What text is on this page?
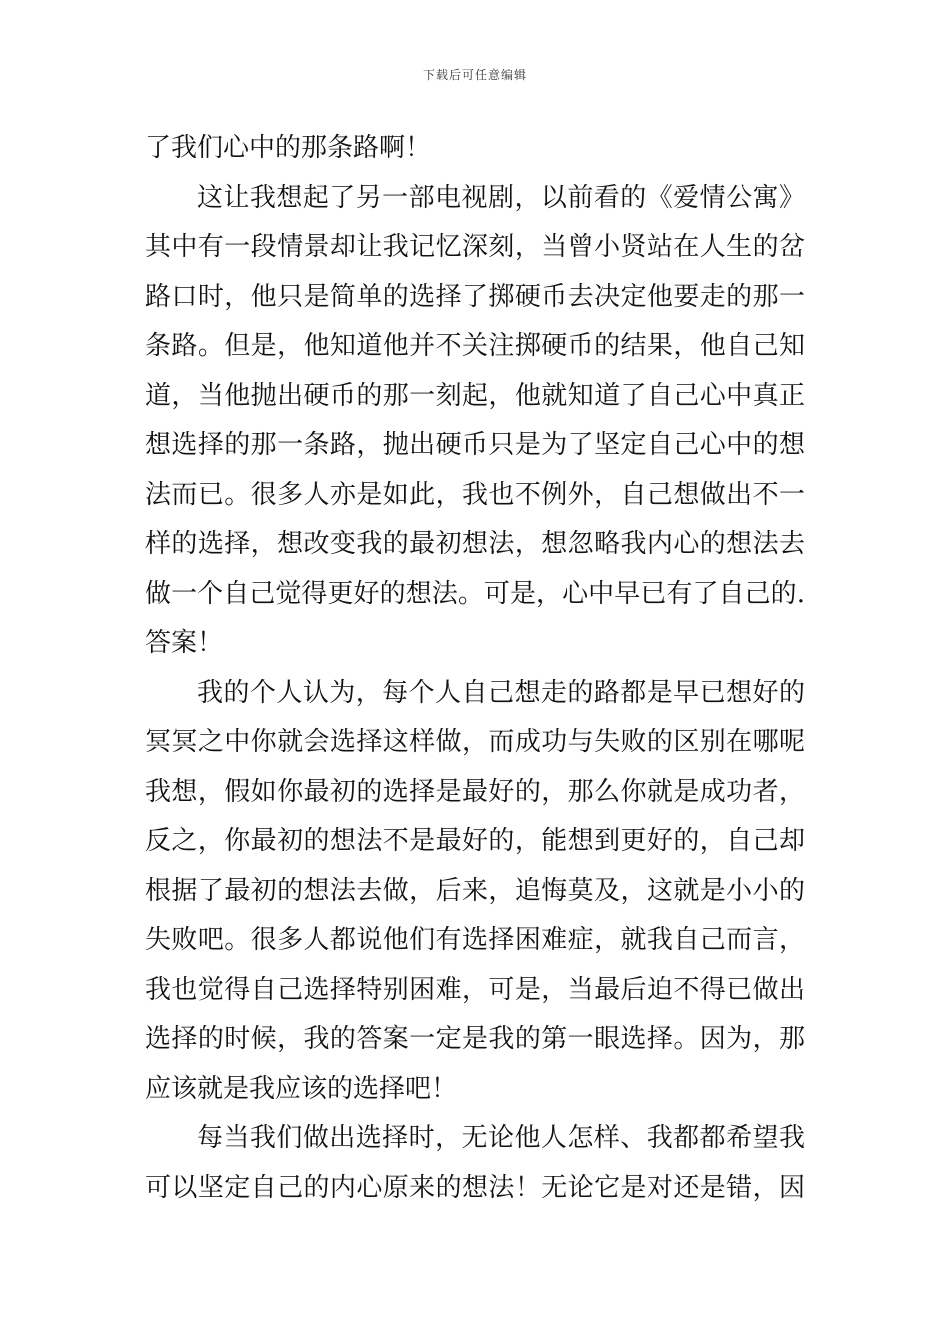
下载后可任意编辑
了我们心中的那条路啊！
这让我想起了另一部电视剧，以前看的《爱情公寓》
其中有一段情景却让我记忆深刻，当曾小贤站在人生的岔
路口时，他只是简单的选择了掷硬币去决定他要走的那一
条路。但是，他知道他并不关注掷硬币的结果，他自己知
道，当他抛出硬币的那一刻起，他就知道了自己心中真正
想选择的那一条路，抛出硬币只是为了坚定自己心中的想
法而已。很多人亦是如此，我也不例外，自己想做出不一
样的选择，想改变我的最初想法，想忽略我内心的想法去
做一个自己觉得更好的想法。可是，心中早已有了自己的.
答案！
我的个人认为，每个人自己想走的路都是早已想好的
冥冥之中你就会选择这样做，而成功与失败的区别在哪呢
我想，假如你最初的选择是最好的，那么你就是成功者，
反之，你最初的想法不是最好的，能想到更好的，自己却
根据了最初的想法去做，后来，追悔莫及，这就是小小的
失败吧。很多人都说他们有选择困难症，就我自己而言，
我也觉得自己选择特别困难，可是，当最后迫不得已做出
选择的时候，我的答案一定是我的第一眼选择。因为，那
应该就是我应该的选择吧！
每当我们做出选择时，无论他人怎样、我都都希望我
可以坚定自己的内心原来的想法！无论它是对还是错，因
